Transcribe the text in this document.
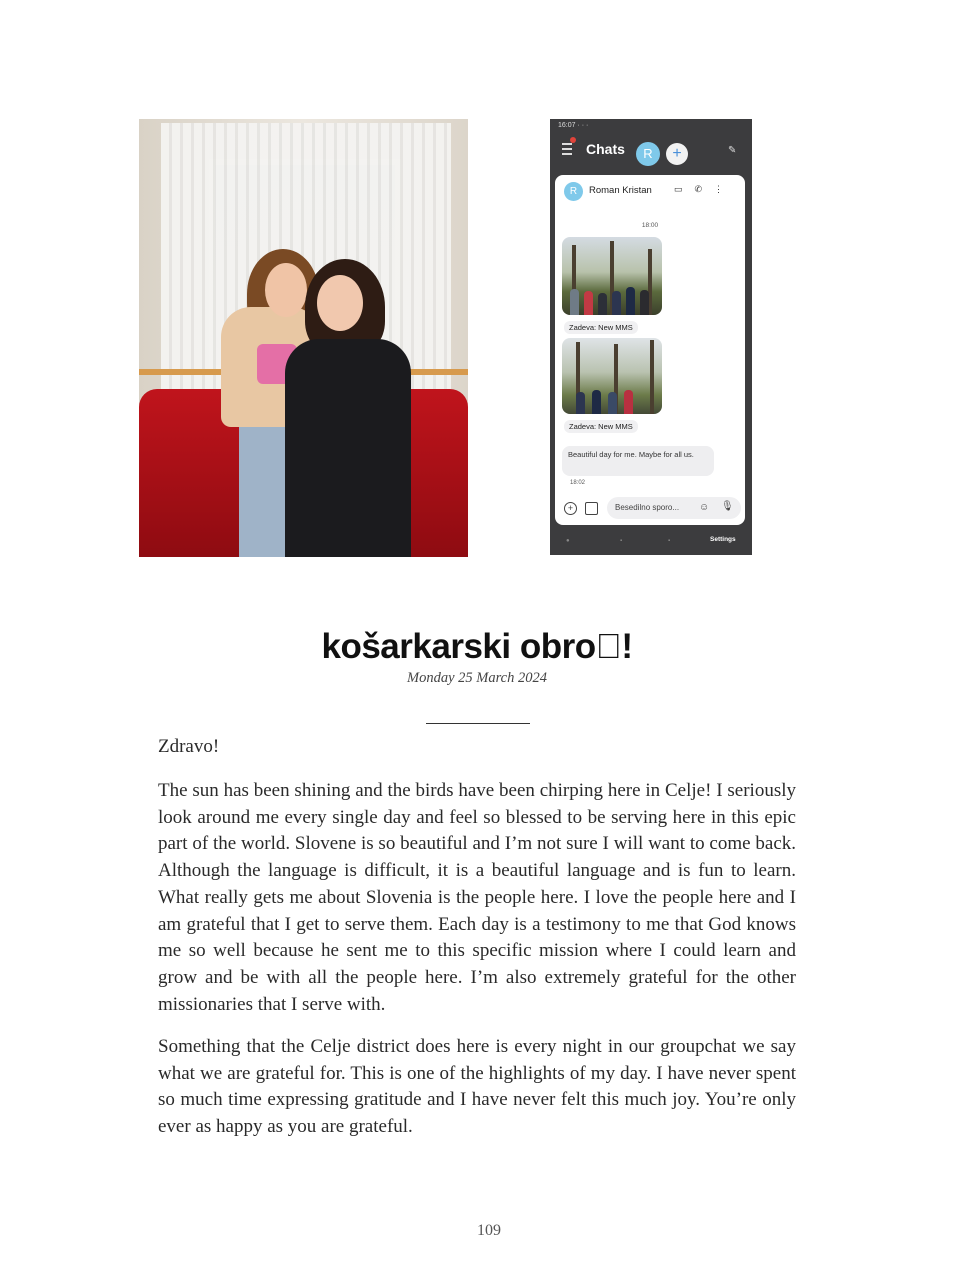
16:07 · · ·
Chats	R	+	✎
R	Roman Kristan ▭✆⋮
18:00
Zadeva: New MMS
Zadeva: New MMS
Beautiful day for me. Maybe for all us.
18:02
+	Besedilno sporo... ☺ 🎙
●	▪	▪	Settings
košarkarski obro !
Monday 25 March 2024

Zdravo!

The sun has been shining and the birds have been chirping here in Celje! I seriously look around me every single day and feel so blessed to be serving here in this epic part of the world. Slovene is so beautiful and I’m not sure I will want to come back. Although the language is difficult, it is a beautiful language and is fun to learn. What really gets me about Slovenia is the people here. I love the people here and I am grateful that I get to serve them. Each day is a testimony to me that God knows me so well because he sent me to this specific mission where I could learn and grow and be with all the people here. I’m also extremely grateful for the other missionaries that I serve with.

Something that the Celje district does here is every night in our groupchat we say what we are grateful for. This is one of the highlights of my day. I have never spent so much time expressing gratitude and I have never felt this much joy. You’re only ever as happy as you are grateful.

109
